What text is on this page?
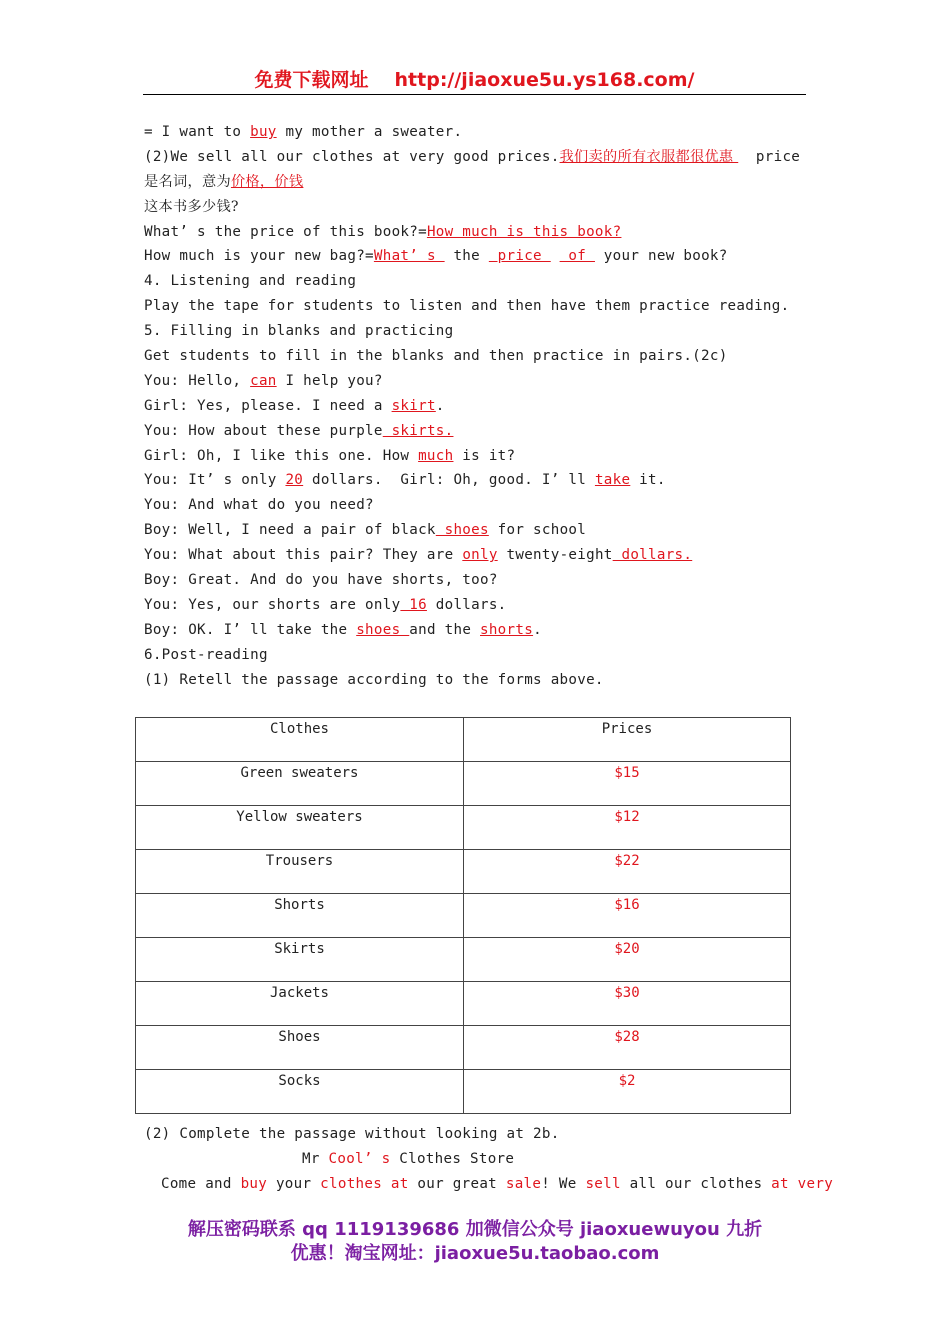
免费下载网址 http://jiaoxue5u.ys168.com/
= I want to buy my mother a sweater.
(2)We sell all our clothes at very good prices.我们卖的所有衣服都很优惠   price
是名词，意为价格，价钱
这本书多少钱?
What’ s the price of this book?=How much is this book?
How much is your new bag?=What’ s  the  price   of  your new book?
4. Listening and reading
Play the tape for students to listen and then have them practice reading.
5. Filling in blanks and practicing
Get students to fill in the blanks and then practice in pairs.(2c)
You: Hello, can I help you?
Girl: Yes, please. I need a skirt.
You: How about these purple skirts.
Girl: Oh, I like this one. How much is it?
You: It’ s only 20 dollars.  Girl: Oh, good. I’ ll take it.
You: And what do you need?
Boy: Well, I need a pair of black shoes for school
You: What about this pair? They are only twenty-eight dollars.
Boy: Great. And do you have shorts, too?
You: Yes, our shorts are only 16 dollars.
Boy: OK. I’ ll take the shoes and the shorts.
6.Post-reading
(1) Retell the passage according to the forms above.
Clothes	Prices
Green sweaters	$15
Yellow sweaters	$12
Trousers	$22
Shorts	$16
Skirts	$20
Jackets	$30
Shoes	$28
Socks	$2
(2) Complete the passage without looking at 2b.
Mr Cool’ s Clothes Store
Come and buy your clothes at our great sale! We sell all our clothes at very
解压密码联系 qq 1119139686 加微信公众号 jiaoxuewuyou 九折
优惠！淘宝网址：jiaoxue5u.taobao.com
